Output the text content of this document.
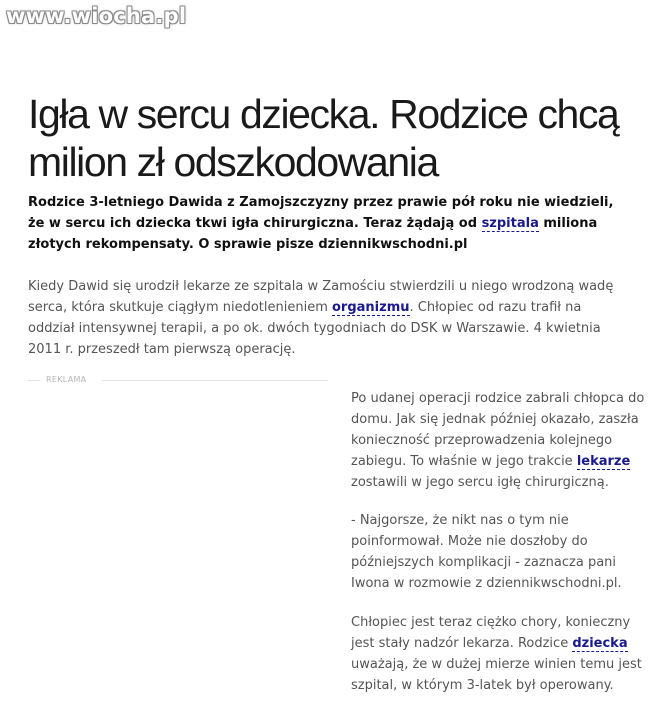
www.wiocha.pl
Igła w sercu dziecka. Rodzice chcą milion zł odszkodowania

Rodzice 3-letniego Dawida z Zamojszczyzny przez prawie pół roku nie wiedzieli, że w sercu ich dziecka tkwi igła chirurgiczna. Teraz żądają od szpitala miliona złotych rekompensaty. O sprawie pisze dziennikwschodni.pl

Kiedy Dawid się urodził lekarze ze szpitala w Zamościu stwierdzili u niego wrodzoną wadę serca, która skutkuje ciągłym niedotlenieniem organizmu. Chłopiec od razu trafił na oddział intensywnej terapii, a po ok. dwóch tygodniach do DSK w Warszawie. 4 kwietnia 2011 r. przeszedł tam pierwszą operację.

REKLAMA

Po udanej operacji rodzice zabrali chłopca do domu. Jak się jednak później okazało, zaszła konieczność przeprowadzenia kolejnego zabiegu. To właśnie w jego trakcie lekarze zostawili w jego sercu igłę chirurgiczną.

- Najgorsze, że nikt nas o tym nie poinformował. Może nie doszłoby do późniejszych komplikacji - zaznacza pani Iwona w rozmowie z dziennikwschodni.pl.

Chłopiec jest teraz ciężko chory, konieczny jest stały nadzór lekarza. Rodzice dziecka uważają, że w dużej mierze winien temu jest szpital, w którym 3-latek był operowany.
